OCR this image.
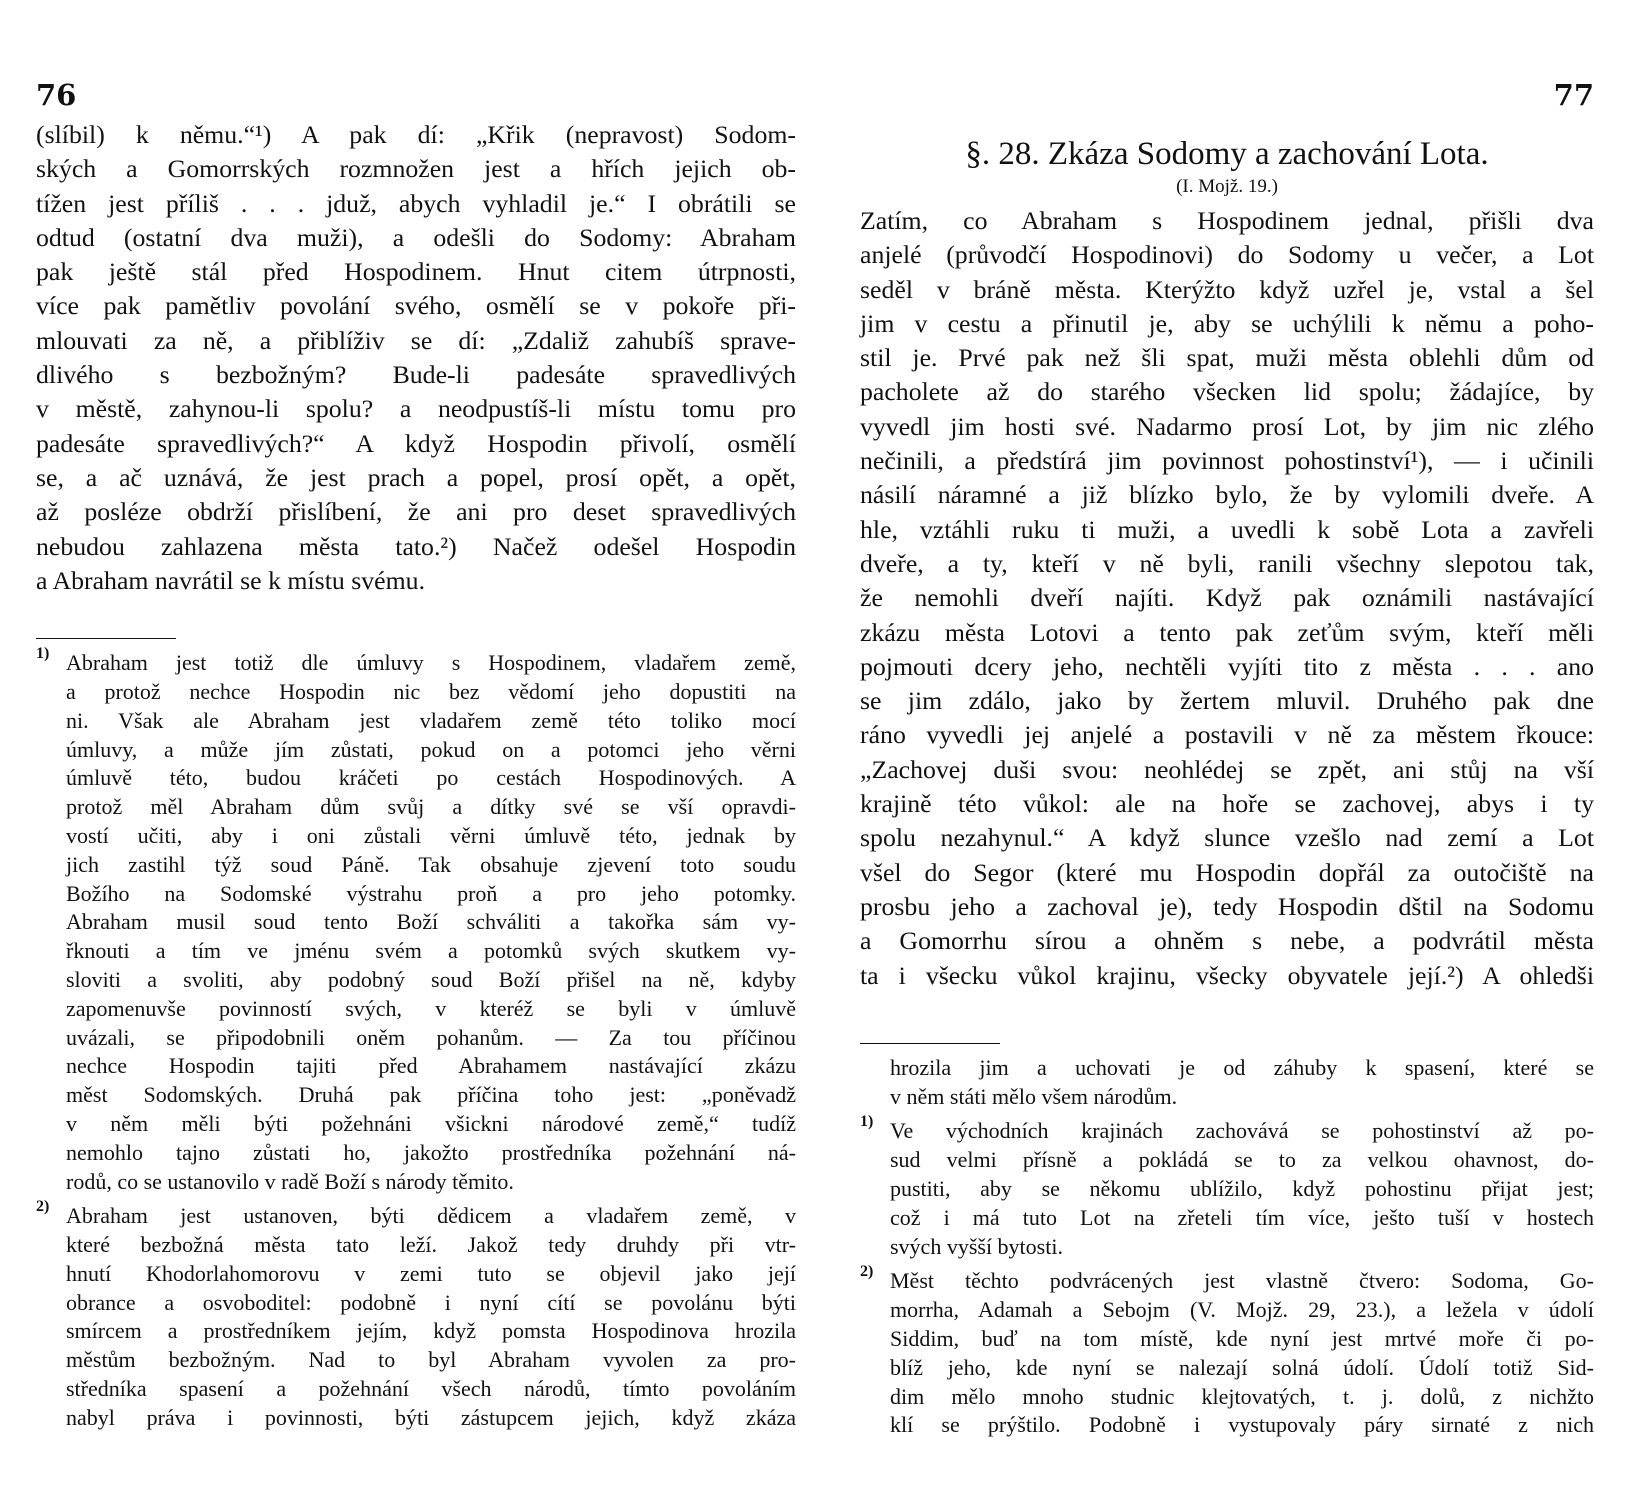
76
(slíbil) k němu.“¹) A pak dí: „Křik (nepravost) Sodom-
ských a Gomorrských rozmnožen jest a hřích jejich ob-
tížen jest příliš . . . jduž, abych vyhladil je.“ I obrátili se
odtud (ostatní dva muži), a odešli do Sodomy: Abraham
pak ještě stál před Hospodinem. Hnut citem útrpnosti,
více pak pamětliv povolání svého, osmělí se v pokoře při-
mlouvati za ně, a přiblíživ se dí: „Zdaliž zahubíš sprave-
dlivého s bezbožným? Bude-li padesáte spravedlivých
v městě, zahynou-li spolu? a neodpustíš-li místu tomu pro
padesáte spravedlivých?“ A když Hospodin přivolí, osmělí
se, a ač uznává, že jest prach a popel, prosí opět, a opět,
až posléze obdrží přislíbení, že ani pro deset spravedlivých
nebudou zahlazena města tato.²) Načež odešel Hospodin
a Abraham navrátil se k místu svému.
1) Abraham jest totiž dle úmluvy s Hospodinem, vladařem země,
a protož nechce Hospodin nic bez vědomí jeho dopustiti na
ni. Však ale Abraham jest vladařem země této toliko mocí
úmluvy, a může jím zůstati, pokud on a potomci jeho věrni
úmluvě této, budou kráčeti po cestách Hospodinových. A
protož měl Abraham dům svůj a dítky své se vší opravdi-
vostí učiti, aby i oni zůstali věrni úmluvě této, jednak by
jich zastihl týž soud Páně. Tak obsahuje zjevení toto soudu
Božího na Sodomské výstrahu proň a pro jeho potomky.
Abraham musil soud tento Boží schváliti a takořka sám vy-
řknouti a tím ve jménu svém a potomků svých skutkem vy-
sloviti a svoliti, aby podobný soud Boží přišel na ně, kdyby
zapomenuvše povinností svých, v kteréž se byli v úmluvě
uvázali, se připodobnili oněm pohanům. — Za tou příčinou
nechce Hospodin tajiti před Abrahamem nastávající zkázu
měst Sodomských. Druhá pak příčina toho jest: „poněvadž
v něm měli býti požehnáni všickni národové země,“ tudíž
nemohlo tajno zůstati ho, jakožto prostředníka požehnání ná-
rodů, co se ustanovilo v radě Boží s národy těmito.
2) Abraham jest ustanoven, býti dědicem a vladařem země, v
které bezbožná města tato leží. Jakož tedy druhdy při vtr-
hnutí Khodorlahomorovu v zemi tuto se objevil jako její
obrance a osvoboditel: podobně i nyní cítí se povolánu býti
smírcem a prostředníkem jejím, když pomsta Hospodinova hrozila
městům bezbožným. Nad to byl Abraham vyvolen za pro-
středníka spasení a požehnání všech národů, tímto povoláním
nabyl práva i povinnosti, býti zástupcem jejich, když zkáza
77
§. 28. Zkáza Sodomy a zachování Lota.
(I. Mojž. 19.)
Zatím, co Abraham s Hospodinem jednal, přišli dva
anjelé (průvodčí Hospodinovi) do Sodomy u večer, a Lot
seděl v bráně města. Kterýžto když uzřel je, vstal a šel
jim v cestu a přinutil je, aby se uchýlili k němu a poho-
stil je. Prvé pak než šli spat, muži města oblehli dům od
pacholete až do starého všecken lid spolu; žádajíce, by
vyvedl jim hosti své. Nadarmo prosí Lot, by jim nic zlého
nečinili, a předstírá jim povinnost pohostinství¹), — i učinili
násilí náramné a již blízko bylo, že by vylomili dveře. A
hle, vztáhli ruku ti muži, a uvedli k sobě Lota a zavřeli
dveře, a ty, kteří v ně byli, ranili všechny slepotou tak,
že nemohli dveří najíti. Když pak oznámili nastávající
zkázu města Lotovi a tento pak zeťům svým, kteří měli
pojmouti dcery jeho, nechtěli vyjíti tito z města . . . ano
se jim zdálo, jako by žertem mluvil. Druhého pak dne
ráno vyvedli jej anjelé a postavili v ně za městem řkouce:
„Zachovej duši svou: neohlédej se zpět, ani stůj na vší
krajině této vůkol: ale na hoře se zachovej, abys i ty
spolu nezahynul.“ A když slunce vzešlo nad zemí a Lot
všel do Segor (které mu Hospodin dopřál za outočiště na
prosbu jeho a zachoval je), tedy Hospodin dštil na Sodomu
a Gomorrhu sírou a ohněm s nebe, a podvrátil města
ta i všecku vůkol krajinu, všecky obyvatele její.²) A ohledši
hrozila jim a uchovati je od záhuby k spasení, které se
v něm státi mělo všem národům.
1) Ve východních krajinách zachovává se pohostinství až po-
sud velmi přísně a pokládá se to za velkou ohavnost, do-
pustiti, aby se někomu ublížilo, když pohostinu přijat jest;
což i má tuto Lot na zřeteli tím více, ješto tuší v hostech
svých vyšší bytosti.
2) Měst těchto podvrácených jest vlastně čtvero: Sodoma, Go-
morrha, Adamah a Sebojm (V. Mojž. 29, 23.), a ležela v údolí
Siddim, buď na tom místě, kde nyní jest mrtvé moře či po-
blíž jeho, kde nyní se nalezají solná údolí. Údolí totiž Sid-
dim mělo mnoho studnic klejtovatých, t. j. dolů, z nichžto
klí se prýštilo. Podobně i vystupovaly páry sirnaté z nich
